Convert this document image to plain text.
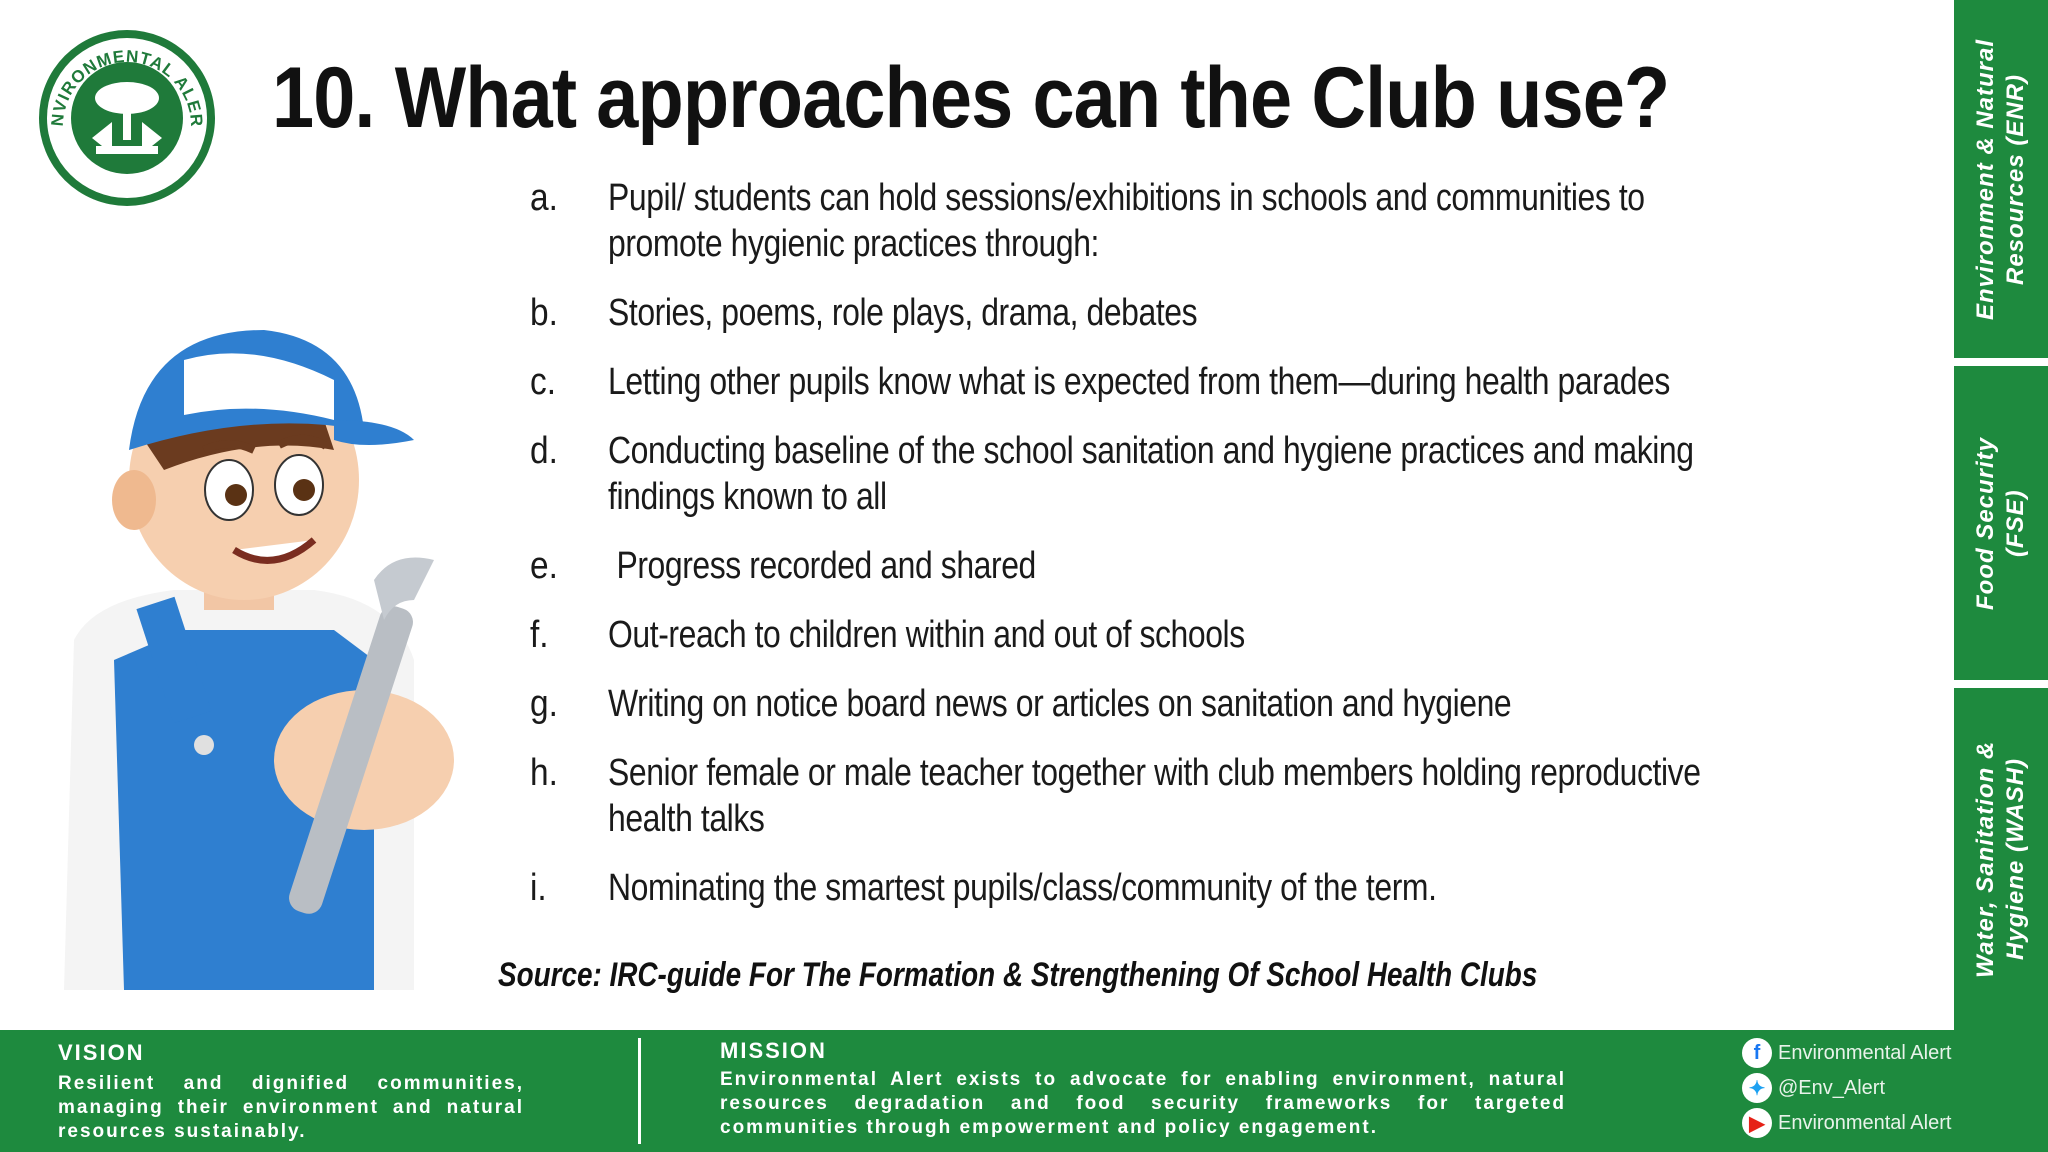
NVIRONMENTAL ALER 10. What approaches can the Club use?
a.	Pupil/ students can hold sessions/exhibitions in schools and communities to promote hygienic practices through:
b.	Stories, poems, role plays, drama, debates
c.	Letting other pupils know what is expected from them—during health parades
d.	Conducting baseline of the school sanitation and hygiene practices and making findings known to all
e.	Progress recorded and shared
f.	Out-reach to children within and out of schools
g.	Writing on notice board news or articles on sanitation and hygiene
h.	Senior female or male teacher together with club members holding reproductive health talks
i.	Nominating the smartest pupils/class/community of the term.
Source: IRC-guide For The Formation & Strengthening Of School Health Clubs
Environment & Natural Resources (ENR)
Food Security (FSE)
Water, Sanitation & Hygiene (WASH)
VISION
Resilient and dignified communities, managing their environment and natural resources sustainably.
MISSION
Environmental Alert exists to advocate for enabling environment, natural resources degradation and food security frameworks for targeted communities through empowerment and policy engagement.
f Environmental Alert
✦ @Env_Alert
▶ Environmental Alert
